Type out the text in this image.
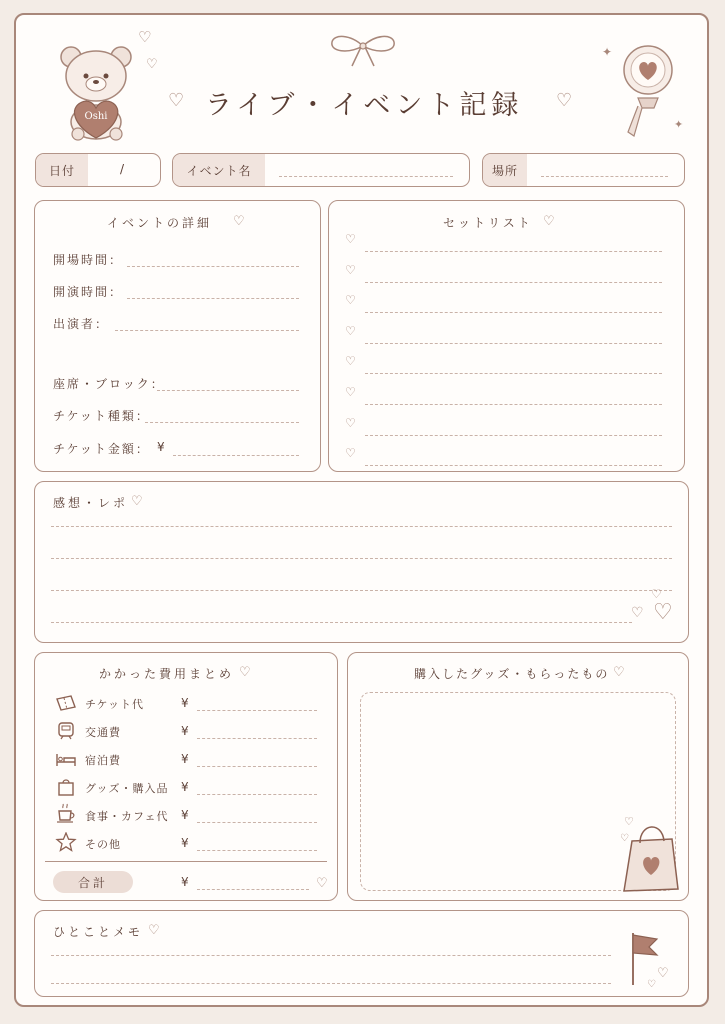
Oshi
✦
✦
♡
♡
♡	♡
ライブ・イベント記録
日付	/	イベント名	場所
イベントの詳細 ♡
開場時間：
開演時間：
出演者：
座席・ブロック：
チケット種類：
チケット金額： ¥
セットリスト ♡
♡
♡
♡
♡
♡
♡
♡
♡
感想・レポ ♡
♡
♡ ♡
かかった費用まとめ ♡
チケット代	¥
交通費	¥
宿泊費	¥
グッズ・購入品 ¥
食事・カフェ代 ¥
その他	¥
合計	¥	♡
購入したグッズ・もらったもの ♡
♡
♡
ひとことメモ ♡
♡
♡
